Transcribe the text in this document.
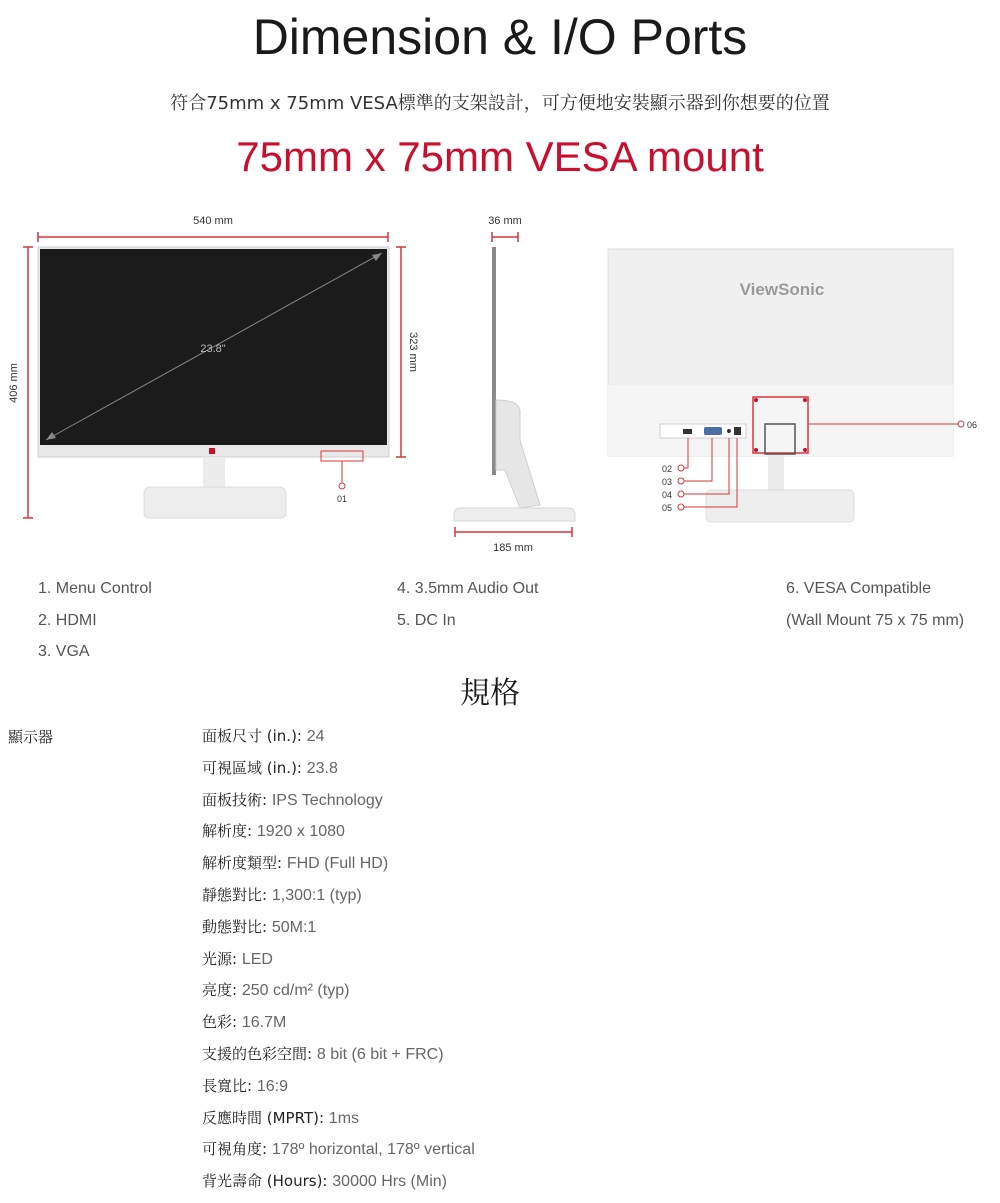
Dimension & I/O Ports

符合75mm x 75mm VESA標準的支架設計，可方便地安裝顯示器到你想要的位置

75mm x 75mm VESA mount
540 mm
406 mm
323 mm
23.8"
01
36 mm
185 mm
ViewSonic
06
02
03
04
05
1. Menu Control
2. HDMI
3. VGA
4. 3.5mm Audio Out
5. DC In
6. VESA Compatible
(Wall Mount 75 x 75 mm)
規格
顯示器	面板尺寸 (in.): 24
可視區域 (in.): 23.8
面板技術: IPS Technology
解析度: 1920 x 1080
解析度類型: FHD (Full HD)
靜態對比: 1,300:1 (typ)
動態對比: 50M:1
光源: LED
亮度: 250 cd/m² (typ)
色彩: 16.7M
支援的色彩空間: 8 bit (6 bit + FRC)
長寬比: 16:9
反應時間 (MPRT): 1ms
可視角度: 178º horizontal, 178º vertical
背光壽命 (Hours): 30000 Hrs (Min)
